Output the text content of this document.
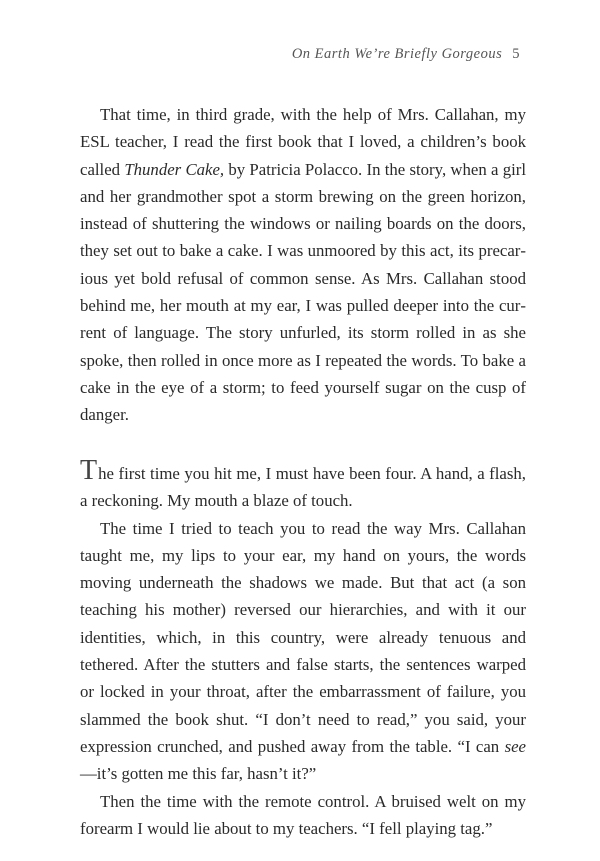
On Earth We’re Briefly Gorgeous 5

That time, in third grade, with the help of Mrs. Callahan, my ESL teacher, I read the first book that I loved, a children’s book called Thunder Cake, by Patricia Polacco. In the story, when a girl and her grandmother spot a storm brewing on the green horizon, instead of shuttering the windows or nailing boards on the doors, they set out to bake a cake. I was unmoored by this act, its precarious yet bold refusal of common sense. As Mrs. Callahan stood behind me, her mouth at my ear, I was pulled deeper into the current of language. The story unfurled, its storm rolled in as she spoke, then rolled in once more as I repeated the words. To bake a cake in the eye of a storm; to feed yourself sugar on the cusp of danger.

The first time you hit me, I must have been four. A hand, a flash, a reckoning. My mouth a blaze of touch.

The time I tried to teach you to read the way Mrs. Callahan taught me, my lips to your ear, my hand on yours, the words moving underneath the shadows we made. But that act (a son teaching his mother) reversed our hierarchies, and with it our identities, which, in this country, were already tenuous and tethered. After the stutters and false starts, the sentences warped or locked in your throat, after the embarrassment of failure, you slammed the book shut. “I don’t need to read,” you said, your expression crunched, and pushed away from the table. “I can see—it’s gotten me this far, hasn’t it?”

Then the time with the remote control. A bruised welt on my forearm I would lie about to my teachers. “I fell playing tag.”
